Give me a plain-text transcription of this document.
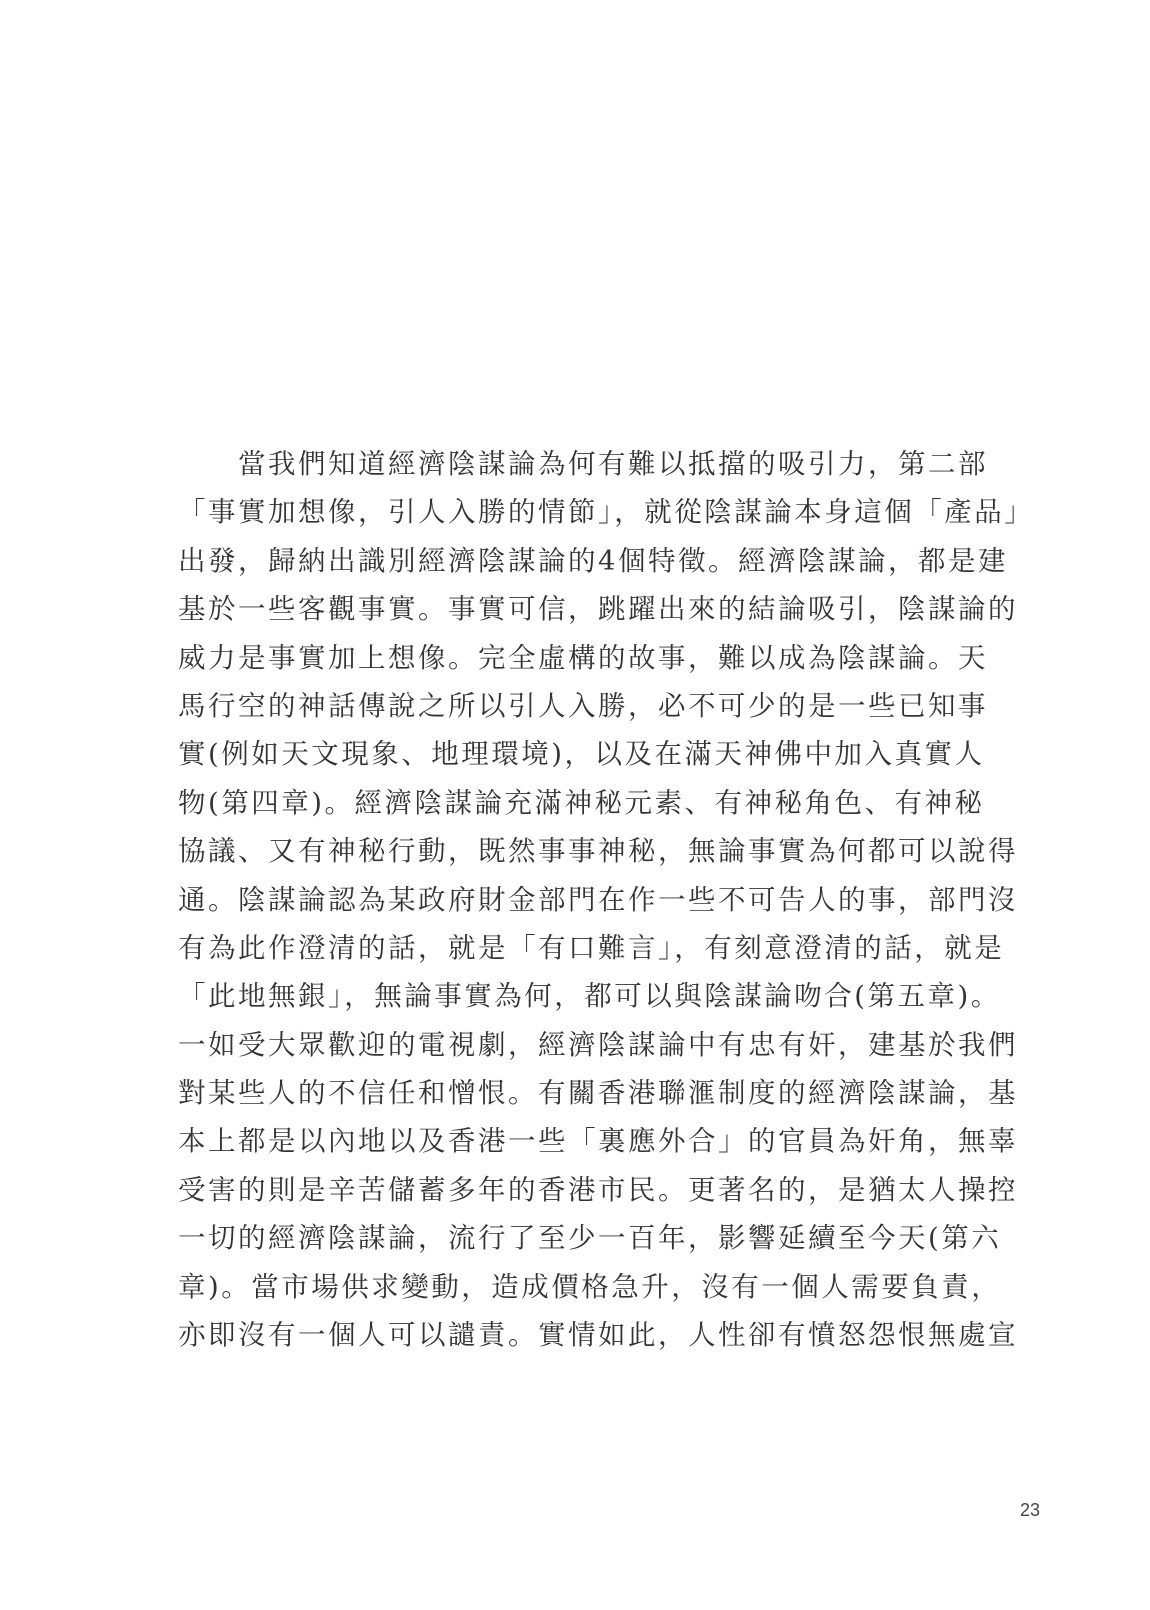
當我們知道經濟陰謀論為何有難以抵擋的吸引力，第二部
「事實加想像，引人入勝的情節」，就從陰謀論本身這個「產品」
出發，歸納出識別經濟陰謀論的4個特徵。經濟陰謀論，都是建
基於一些客觀事實。事實可信，跳躍出來的結論吸引，陰謀論的
威力是事實加上想像。完全虛構的故事，難以成為陰謀論。天
馬行空的神話傳說之所以引人入勝，必不可少的是一些已知事
實(例如天文現象、地理環境)，以及在滿天神佛中加入真實人
物(第四章)。經濟陰謀論充滿神秘元素、有神秘角色、有神秘
協議、又有神秘行動，既然事事神秘，無論事實為何都可以說得
通。陰謀論認為某政府財金部門在作一些不可告人的事，部門沒
有為此作澄清的話，就是「有口難言」，有刻意澄清的話，就是
「此地無銀」，無論事實為何，都可以與陰謀論吻合(第五章)。
一如受大眾歡迎的電視劇，經濟陰謀論中有忠有奸，建基於我們
對某些人的不信任和憎恨。有關香港聯滙制度的經濟陰謀論，基
本上都是以內地以及香港一些「裏應外合」的官員為奸角，無辜
受害的則是辛苦儲蓄多年的香港市民。更著名的，是猶太人操控
一切的經濟陰謀論，流行了至少一百年，影響延續至今天(第六
章)。當市場供求變動，造成價格急升，沒有一個人需要負責，
亦即沒有一個人可以譴責。實情如此，人性卻有憤怒怨恨無處宣
23
